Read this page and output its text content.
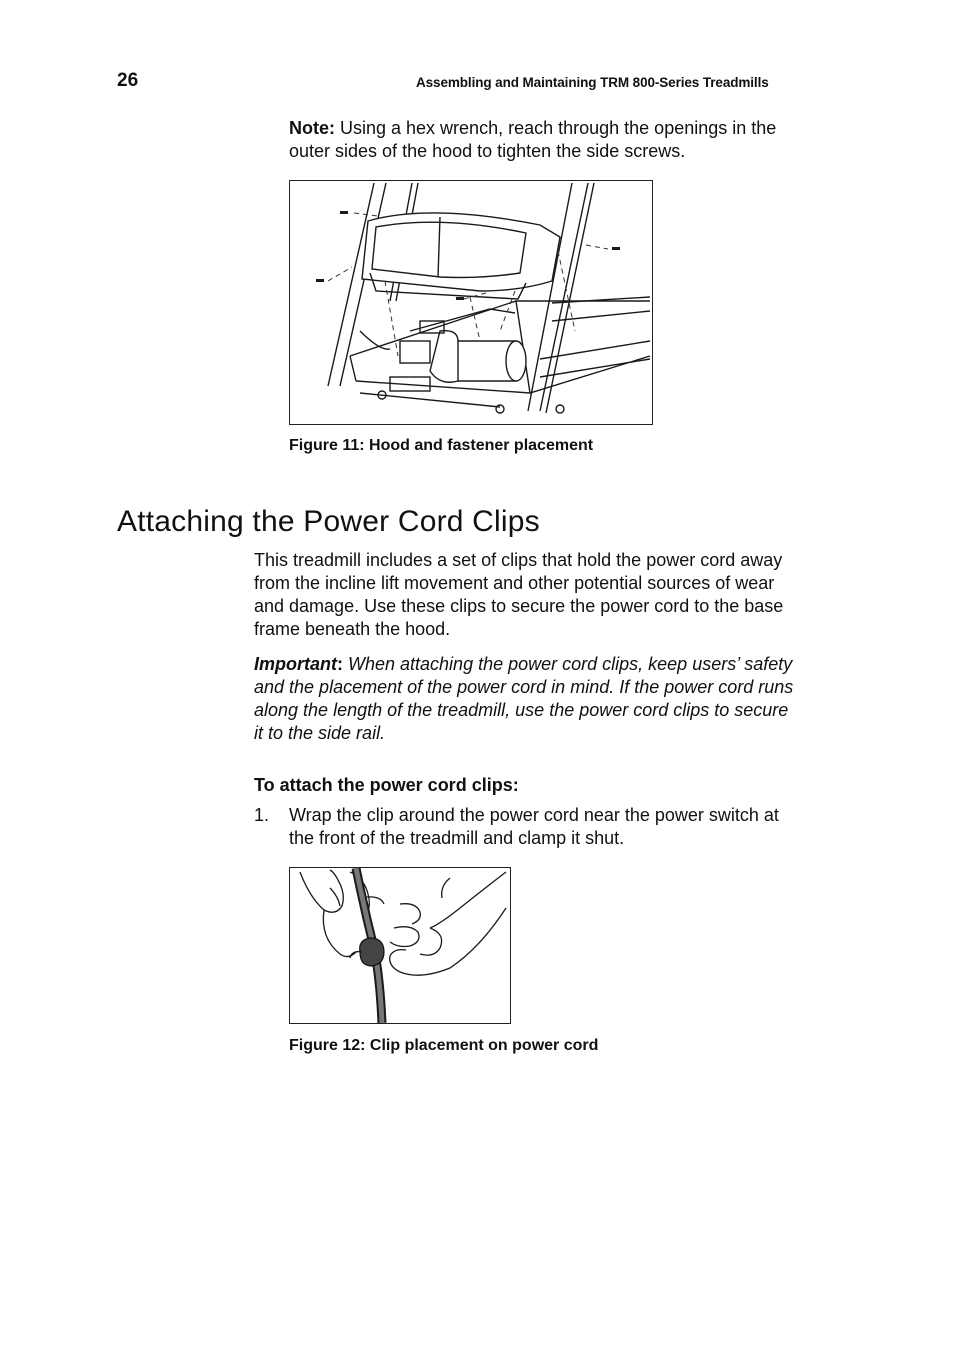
26	Assembling and Maintaining TRM 800-Series Treadmills
Note: Using a hex wrench, reach through the openings in the outer sides of the hood to tighten the side screws.
Figure 11: Hood and fastener placement
Attaching the Power Cord Clips
This treadmill includes a set of clips that hold the power cord away from the incline lift movement and other potential sources of wear and damage. Use these clips to secure the power cord to the base frame beneath the hood.
Important: When attaching the power cord clips, keep users’ safety and the placement of the power cord in mind. If the power cord runs along the length of the treadmill, use the power cord clips to secure it to the side rail.
To attach the power cord clips:
1. Wrap the clip around the power cord near the power switch at the front of the treadmill and clamp it shut.
Figure 12: Clip placement on power cord
